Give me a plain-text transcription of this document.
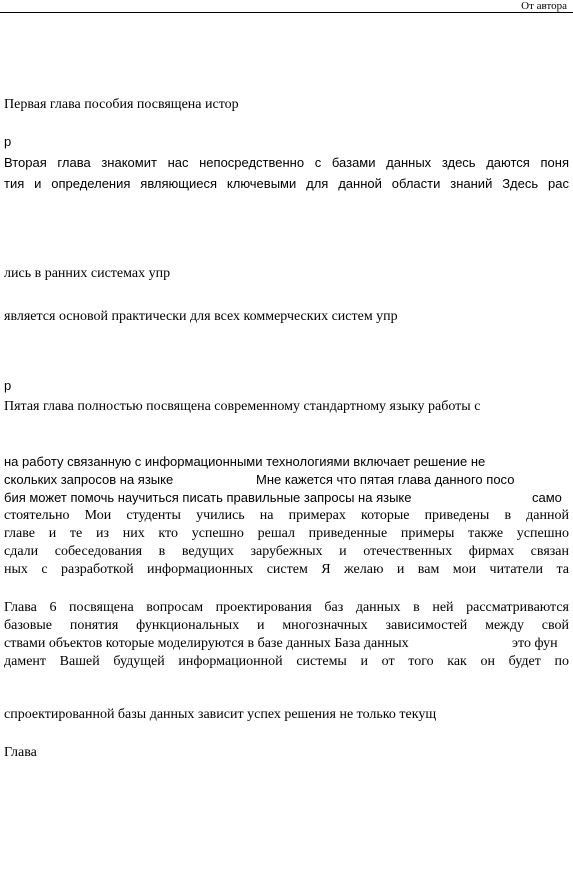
От автора
Первая глава пособия посвящена истор
р
Вторая глава знакомит нас непосредственно с базами данных здесь даются поня
тия и определения являющиеся ключевыми для данной области знаний Здесь рас
лись в ранних системах упр
является основой практически для всех коммерческих систем упр
р
Пятая глава полностью посвящена современному стандартному языку работы с
на работу связанную с информационными технологиями включает решение не
скольких запросов на языке	Мне кажется что пятая глава данного посо
бия может помочь научиться писать правильные запросы на языке	само
стоятельно Мои студенты учились на примерах которые приведены в данной
главе и те из них кто успешно решал приведенные примеры также успешно
сдали собеседования в ведущих зарубежных и отечественных фирмах связан
ных с разработкой информационных систем Я желаю и вам мои читатели та
Глава 6 посвящена вопросам проектирования баз данных в ней рассматриваются
базовые понятия функциональных и многозначных зависимостей между свой
ствами объектов которые моделируются в базе данных База данных	это фун
дамент Вашей будущей информационной системы и от того как он будет по
спроектированной базы данных зависит успех решения не только текущ
Глава
